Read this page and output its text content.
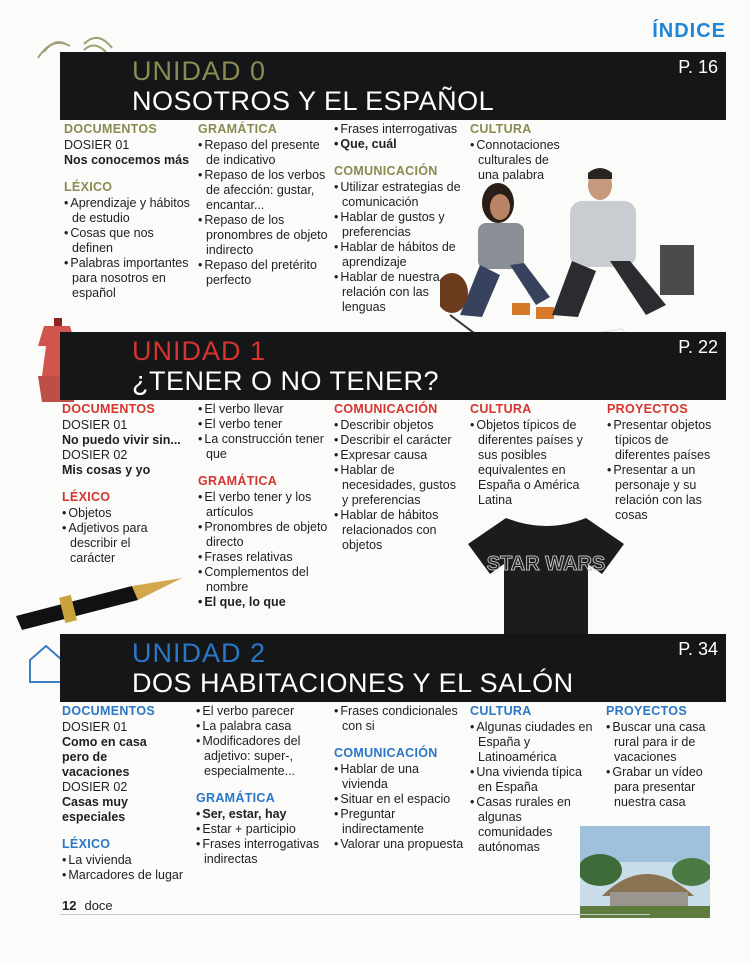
ÍNDICE
UNIDAD 0
NOSOTROS Y EL ESPAÑOL
P. 16
DOCUMENTOS
DOSIER 01
Nos conocemos más
LÉXICO
• Aprendizaje y hábitos de estudio
• Cosas que nos definen
• Palabras importantes para nosotros en español
GRAMÁTICA
• Repaso del presente de indicativo
• Repaso de los verbos de afección: gustar, encantar...
• Repaso de los pronombres de objeto indirecto
• Repaso del pretérito perfecto
• Frases interrogativas
• Que, cuál
COMUNICACIÓN
• Utilizar estrategias de comunicación
• Hablar de gustos y preferencias
• Hablar de hábitos de aprendizaje
• Hablar de nuestra relación con las lenguas
CULTURA
• Connotaciones culturales de una palabra
UNIDAD 1
¿TENER O NO TENER?
P. 22
DOCUMENTOS
DOSIER 01
No puedo vivir sin...
DOSIER 02
Mis cosas y yo
LÉXICO
• Objetos
• Adjetivos para describir el carácter
• El verbo llevar
• El verbo tener
• La construcción tener que
GRAMÁTICA
• El verbo tener y los artículos
• Pronombres de objeto directo
• Frases relativas
• Complementos del nombre
• El que, lo que
COMUNICACIÓN
• Describir objetos
• Describir el carácter
• Expresar causa
• Hablar de necesidades, gustos y preferencias
• Hablar de hábitos relacionados con objetos
CULTURA
• Objetos típicos de diferentes países y sus posibles equivalentes en España o América Latina
PROYECTOS
• Presentar objetos típicos de diferentes países
• Presentar a un personaje y su relación con las cosas
STAR WARS
UNIDAD 2
DOS HABITACIONES Y EL SALÓN
P. 34
DOCUMENTOS
DOSIER 01
Como en casa pero de vacaciones
DOSIER 02
Casas muy especiales
LÉXICO
• La vivienda
• Marcadores de lugar
• El verbo parecer
• La palabra casa
• Modificadores del adjetivo: super-, especialmente...
GRAMÁTICA
• Ser, estar, hay
• Estar + participio
• Frases interrogativas indirectas
• Frases condicionales con si
COMUNICACIÓN
• Hablar de una vivienda
• Situar en el espacio
• Preguntar indirectamente
• Valorar una propuesta
CULTURA
• Algunas ciudades en España y Latinoamérica
• Una vivienda típica en España
• Casas rurales en algunas comunidades autónomas
PROYECTOS
• Buscar una casa rural para ir de vacaciones
• Grabar un vídeo para presentar nuestra casa
12 doce
